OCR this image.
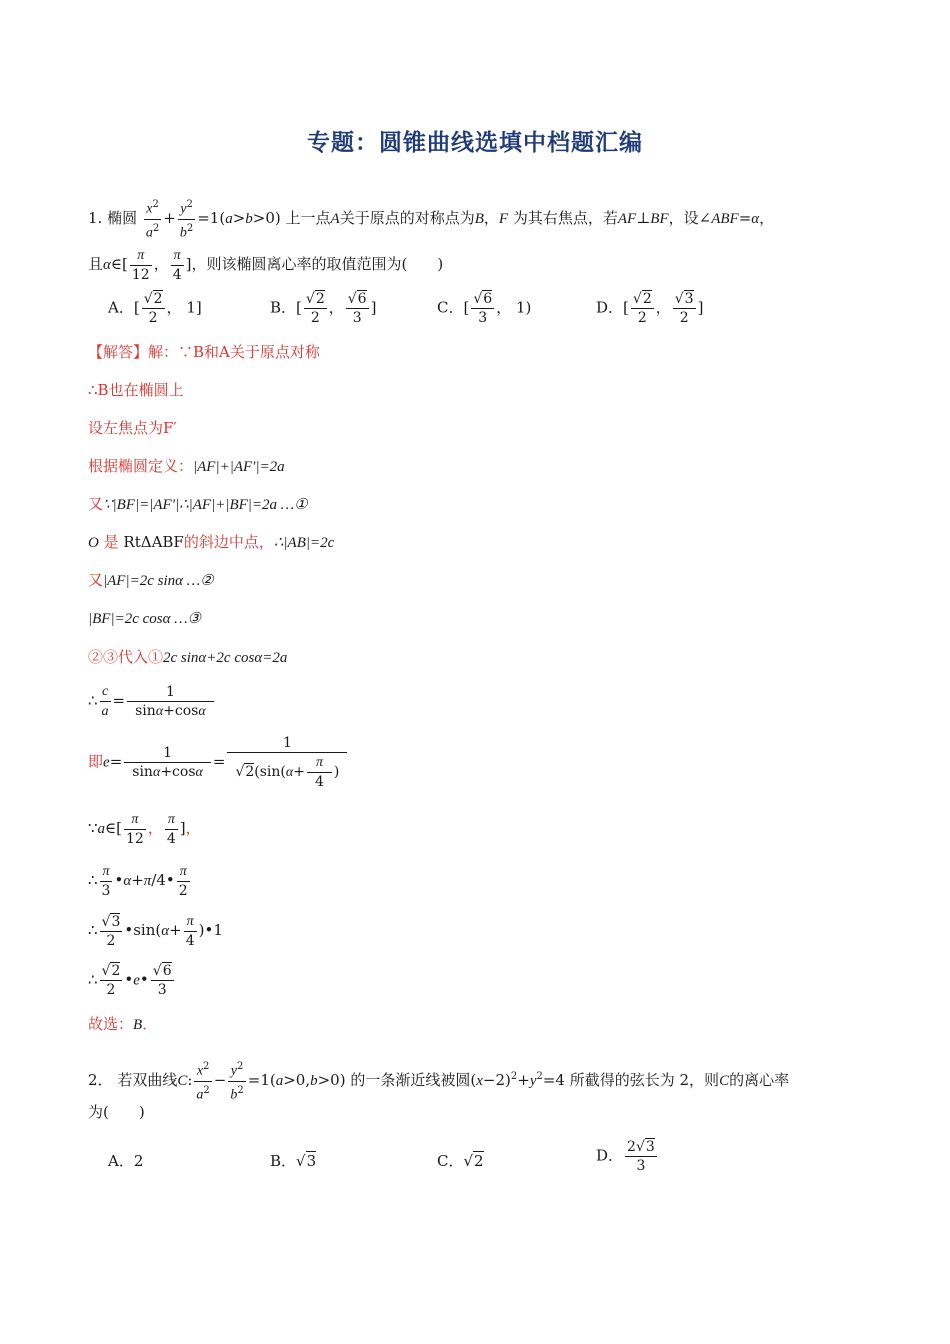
专题：圆锥曲线选填中档题汇编
1. 椭圆 $\frac{x^2}{a^2} + \frac{y^2}{b^2} =1(a>b>0)$ 上一点A关于原点的对称点为B，F 为其右焦点，若AF⊥BF，设∠ABF=α，
且α∈[ $\frac{\pi}{12}$ ， $\frac{\pi}{4}$ ]，则该椭圆离心率的取值范围为(　　)
A．[ $\frac{√2}{2}$ ， 1]	B．[ $\frac{√2}{2}$ ， $\frac{√6}{3}$ ]	C．[ $\frac{√6}{3}$ ， 1)	D．[ $\frac{√2}{2}$ ， $\frac{√3}{2}$ ]
【解答】解：∵B和A关于原点对称
∴B也在椭圆上
设左焦点为F′
根据椭圆定义：|AF|+|AF′|=2a
又∵|BF|=|AF′|∴|AF|+|BF|=2a …①
O 是 RtΔABF的斜边中点，∴|AB|=2c
又|AF|=2c sinα …②
|BF|=2c cosα …③
②③代入①2c sinα+2c cosα=2a
∴ $\frac{c}{a} = \frac{1}{\sin\alpha+\cos\alpha}$
即$e= \frac{1}{\sin\alpha+\cos\alpha} = \frac{1}{√2(\sin(\alpha+ \frac{\pi}{4} )}$
∵a∈[ $\frac{\pi}{12}$ ， $\frac{\pi}{4}$ ]，
∴ $\frac{\pi}{3}$ •α+π/4• $\frac{\pi}{2}$
∴ $\frac{√3}{2}$ •sin(α+ $\frac{\pi}{4}$ )•1
∴ $\frac{√2}{2}$ •e• $\frac{√6}{3}$
故选：B．
2． 若双曲线C: $\frac{x^2}{a^2} - \frac{y^2}{b^2} =1(a>0,b>0)$ 的一条渐近线被圆$(x-2)^2+y^2=4$ 所截得的弦长为 2，则C的离心率
为(　　)
A．2	B．√3	C．√2	D． $\frac{2√3}{3}$
